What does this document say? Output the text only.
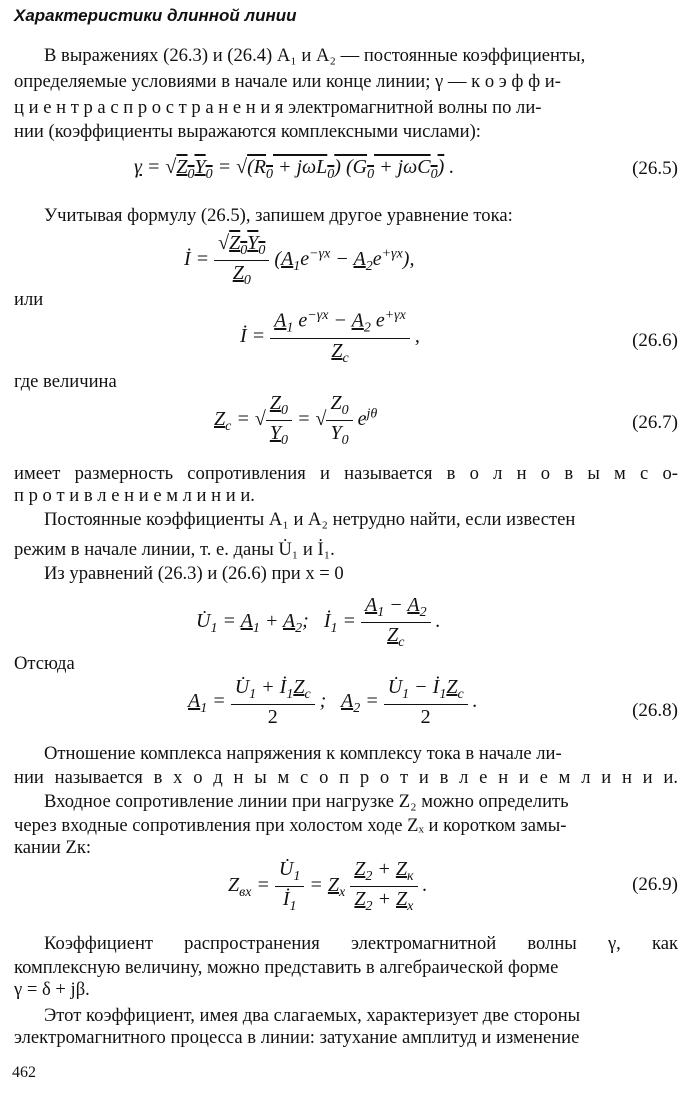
Характеристики длинной линии
В выражениях (26.3) и (26.4) A₁ и A₂ — постоянные коэффициенты,
определяемые условиями в начале или конце линии; γ — к о э ф ф и-
ц и е н т р а с п р о с т р а н е н и я электромагнитной волны по ли-
нии (коэффициенты выражаются комплексными числами):
$\gamma = √Z_0Y_0 = √(R_0 + j\omega L_0) (G_0 + j\omega C_0)$ .	(26.5)
Учитывая формулу (26.5), запишем другое уравнение тока:
İ = $\frac{√Z_0Y_0}{Z_0} (A_1e^{-\gamma x} - A_2e^{+\gamma x})$,
или
İ = $\frac{A_1 e^{-\gamma x} - A_2 e^{+\gamma x}}{Z_c}$ ,	(26.6)
где величина
$Z_c$ = √ $\frac{Z_0}{Y_0}$ = √ $\frac{Z_0}{Y_0} e^{j\theta}$	(26.7)
имеет размерность сопротивления и называется в о л н о в ы м с о-
п р о т и в л е н и е м л и н и и.
Постоянные коэффициенты A₁ и A₂ нетрудно найти, если известен
режим в начале линии, т. е. даны U̇₁ и İ₁.
Из уравнений (26.3) и (26.6) при x = 0
$U̇_1 = A_1 + A_2$;   $İ_1 = \frac{A_1 - A_2}{Z_c}$ .
Отсюда
$A_1 = \frac{U̇_1 + İ_1Z_c}{2}$ ;   $A_2 = \frac{U̇_1 - İ_1Z_c}{2}$ .	(26.8)
Отношение комплекса напряжения к комплексу тока в начале ли-
нии называется в х о д н ы м с о п р о т и в л е н и е м л и н и и.
Входное сопротивление линии при нагрузке Z₂ можно определить
через входные сопротивления при холостом ходе Zₓ и коротком замы-
кании Zк:
$Z_{вх} = \frac{U̇_1}{İ_1} = Z_x \frac{Z_2 + Z_к}{Z_2 + Z_x}$ .	(26.9)
Коэффициент распространения электромагнитной волны γ, как
комплексную величину, можно представить в алгебраической форме
γ = δ + jβ.
Этот коэффициент, имея два слагаемых, характеризует две стороны
электромагнитного процесса в линии: затухание амплитуд и изменение
462
